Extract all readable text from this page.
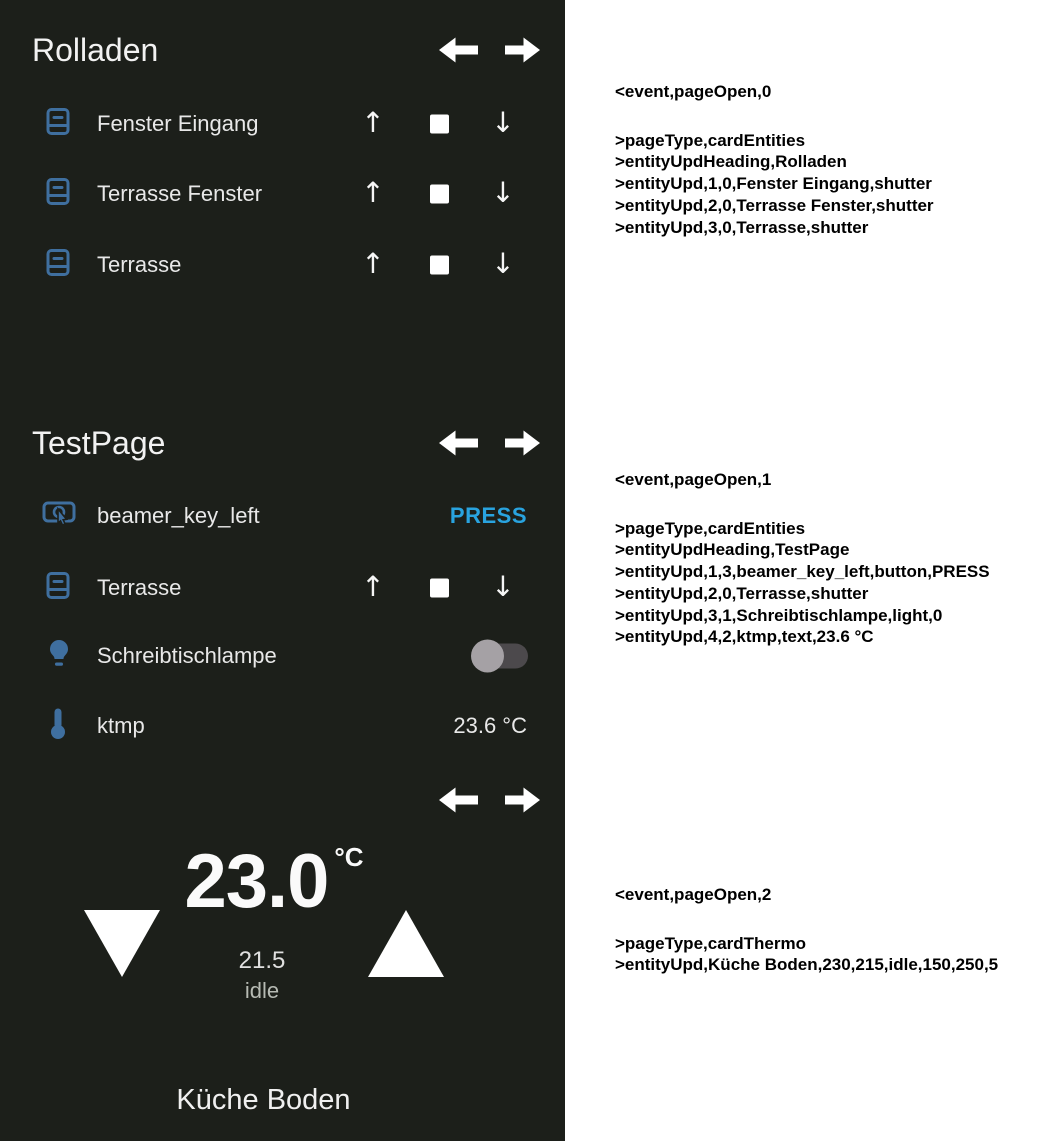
Rolladen
Fenster Eingang	↑	↓
Terrasse Fenster	↑	↓
Terrasse	↑	↓
TestPage
beamer_key_left	PRESS
Terrasse	↑	↓
Schreibtischlampe
ktmp	23.6 °C
23.0 $^{^\circ C}$
21.5
idle
Küche Boden
<event,pageOpen,0
>pageType,cardEntities
>entityUpdHeading,Rolladen
>entityUpd,1,0,Fenster Eingang,shutter
>entityUpd,2,0,Terrasse Fenster,shutter
>entityUpd,3,0,Terrasse,shutter
<event,pageOpen,1
>pageType,cardEntities
>entityUpdHeading,TestPage
>entityUpd,1,3,beamer_key_left,button,PRESS
>entityUpd,2,0,Terrasse,shutter
>entityUpd,3,1,Schreibtischlampe,light,0
>entityUpd,4,2,ktmp,text,23.6 °C
<event,pageOpen,2
>pageType,cardThermo
>entityUpd,Küche Boden,230,215,idle,150,250,5
